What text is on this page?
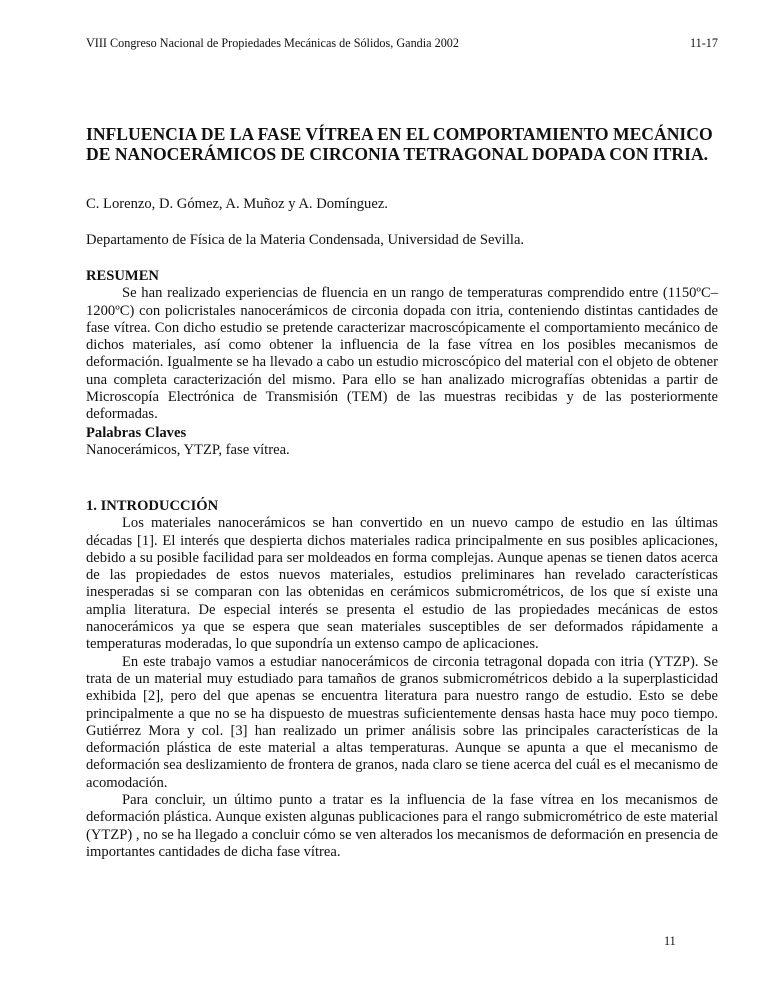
VIII Congreso Nacional de Propiedades Mecánicas de Sólidos, Gandia 2002	11-17
INFLUENCIA DE LA FASE VÍTREA EN EL COMPORTAMIENTO MECÁNICO DE NANOCERÁMICOS DE CIRCONIA TETRAGONAL DOPADA CON ITRIA.
C. Lorenzo, D. Gómez, A. Muñoz y A. Domínguez.
Departamento de Física de la Materia Condensada, Universidad de Sevilla.
RESUMEN

Se han realizado experiencias de fluencia en un rango de temperaturas comprendido entre (1150ºC–1200ºC) con policristales nanocerámicos de circonia dopada con itria, conteniendo distintas cantidades de fase vítrea. Con dicho estudio se pretende caracterizar macroscópicamente el comportamiento mecánico de dichos materiales, así como obtener la influencia de la fase vítrea en los posibles mecanismos de deformación. Igualmente se ha llevado a cabo un estudio microscópico del material con el objeto de obtener una completa caracterización del mismo. Para ello se han analizado micrografías obtenidas a partir de Microscopía Electrónica de Transmisión (TEM) de las muestras recibidas y de las posteriormente deformadas.

Palabras Claves

Nanocerámicos, YTZP, fase vítrea.

1. INTRODUCCIÓN

Los materiales nanocerámicos se han convertido en un nuevo campo de estudio en las últimas décadas [1]. El interés que despierta dichos materiales radica principalmente en sus posibles aplicaciones, debido a su posible facilidad para ser moldeados en forma complejas. Aunque apenas se tienen datos acerca de las propiedades de estos nuevos materiales, estudios preliminares han revelado características inesperadas si se comparan con las obtenidas en cerámicos submicrométricos, de los que sí existe una amplia literatura. De especial interés se presenta el estudio de las propiedades mecánicas de estos nanocerámicos ya que se espera que sean materiales susceptibles de ser deformados rápidamente a temperaturas moderadas, lo que supondría un extenso campo de aplicaciones.

En este trabajo vamos a estudiar nanocerámicos de circonia tetragonal dopada con itria (YTZP). Se trata de un material muy estudiado para tamaños de granos submicrométricos debido a la superplasticidad exhibida [2], pero del que apenas se encuentra literatura para nuestro rango de estudio. Esto se debe principalmente a que no se ha dispuesto de muestras suficientemente densas hasta hace muy poco tiempo. Gutiérrez Mora y col. [3] han realizado un primer análisis sobre las principales características de la deformación plástica de este material a altas temperaturas. Aunque se apunta a que el mecanismo de deformación sea deslizamiento de frontera de granos, nada claro se tiene acerca del cuál es el mecanismo de acomodación.

Para concluir, un último punto a tratar es la influencia de la fase vítrea en los mecanismos de deformación plástica. Aunque existen algunas publicaciones para el rango submicrométrico de este material (YTZP) , no se ha llegado a concluir cómo se ven alterados los mecanismos de deformación en presencia de importantes cantidades de dicha fase vítrea.

11
